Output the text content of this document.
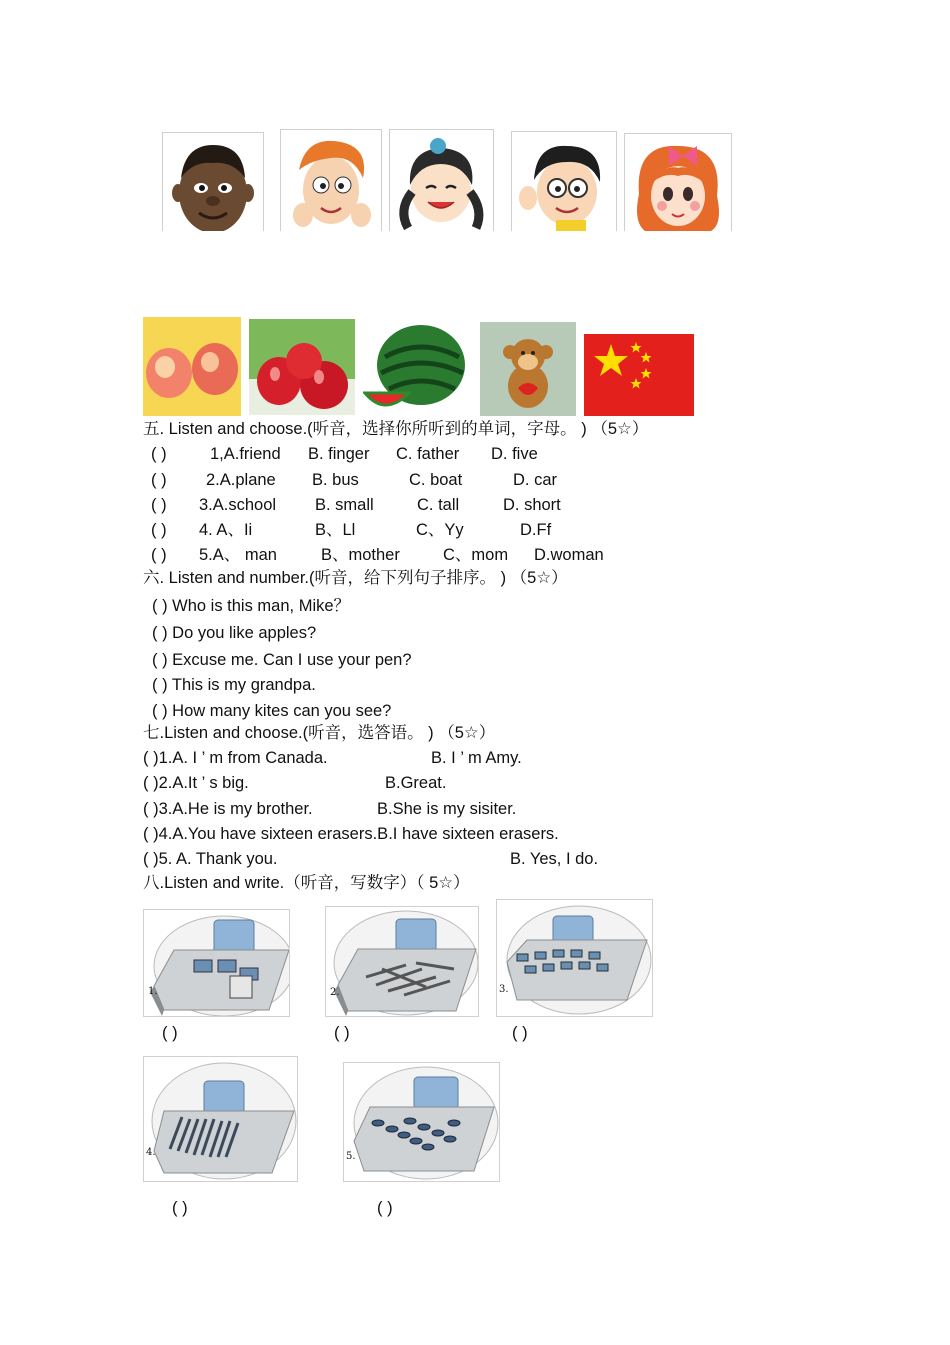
五. Listen and choose.(听音，选择你所听到的单词，字母。 ) （5☆）
( )	1,A.friend B. finger C. father D. five
( ) 2.A.plane B. bus	C. boat	D. car
( ) 3.A.school B. small	C. tall	D. short
( ) 4. A、Ii	B、Ll	C、Yy	D.Ff
( ) 5.A、 man	B、mother	C、mom D.woman
六. Listen and number.(听音，给下列句子排序。 ) （5☆）
( ) Who is this man, Mike？
( ) Do you like apples?
( ) Excuse me. Can I use your pen?
( ) This is my grandpa.
( ) How many kites can you see?
七.Listen and choose.(听音，选答语。 ) （5☆）
( )1.A. I ’ m from Canada.	B. I ’ m Amy.
( )2.A.It ’ s big.	B.Great.
( )3.A.He is my brother.	B.She is my sisiter.
( )4.A.You have sixteen erasers.B.I have sixteen erasers.
( )5. A. Thank you.	B. Yes, I do.
八.Listen and write.（听音，写数字）（ 5☆）
1.	2.	3.
( )	( )	( )
4.	5.
( )	( )
